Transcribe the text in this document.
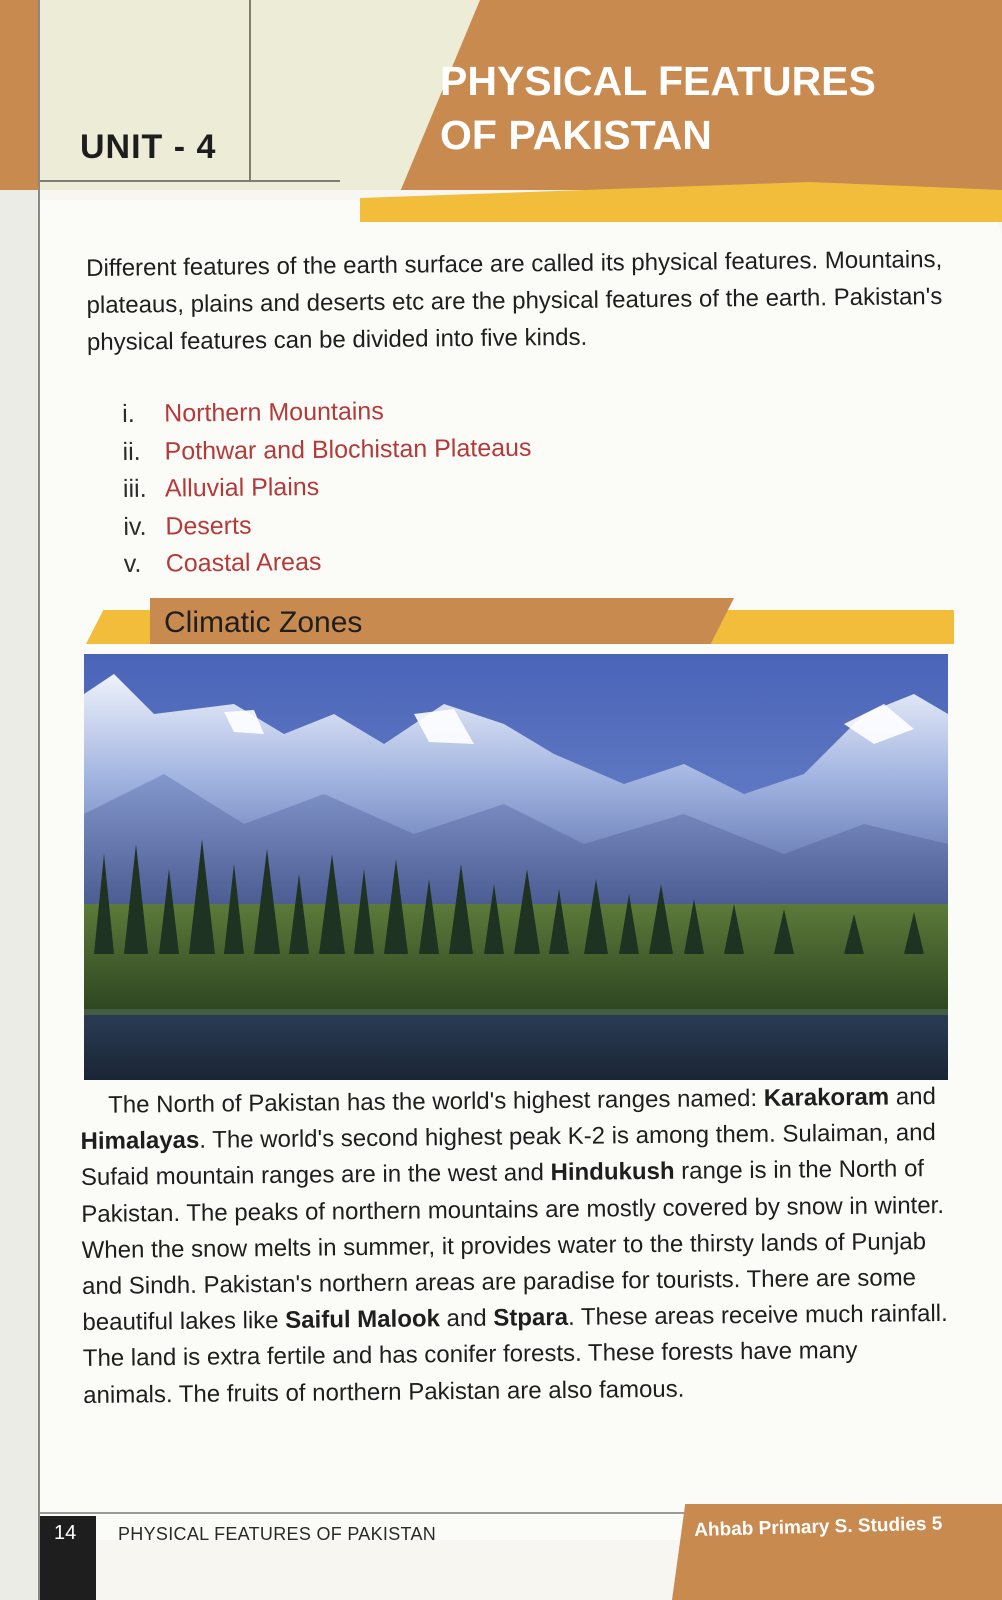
UNIT - 4
PHYSICAL FEATURES
OF PAKISTAN
Different features of the earth surface are called its physical features. Mountains, plateaus, plains and deserts etc are the physical features of the earth. Pakistan's physical features can be divided into five kinds.
i.	Northern Mountains
ii. Pothwar and Blochistan Plateaus
iii. Alluvial Plains
iv. Deserts
v. Coastal Areas
Climatic Zones

The North of Pakistan has the world's highest ranges named: Karakoram and Himalayas. The world's second highest peak K-2 is among them. Sulaiman, and Sufaid mountain ranges are in the west and Hindukush range is in the North of Pakistan. The peaks of northern mountains are mostly covered by snow in winter. When the snow melts in summer, it provides water to the thirsty lands of Punjab and Sindh. Pakistan's northern areas are paradise for tourists. There are some beautiful lakes like Saiful Malook and Stpara. These areas receive much rainfall. The land is extra fertile and has conifer forests. These forests have many animals. The fruits of northern Pakistan are also famous.

14 PHYSICAL FEATURES OF PAKISTAN	Ahbab Primary S. Studies 5
